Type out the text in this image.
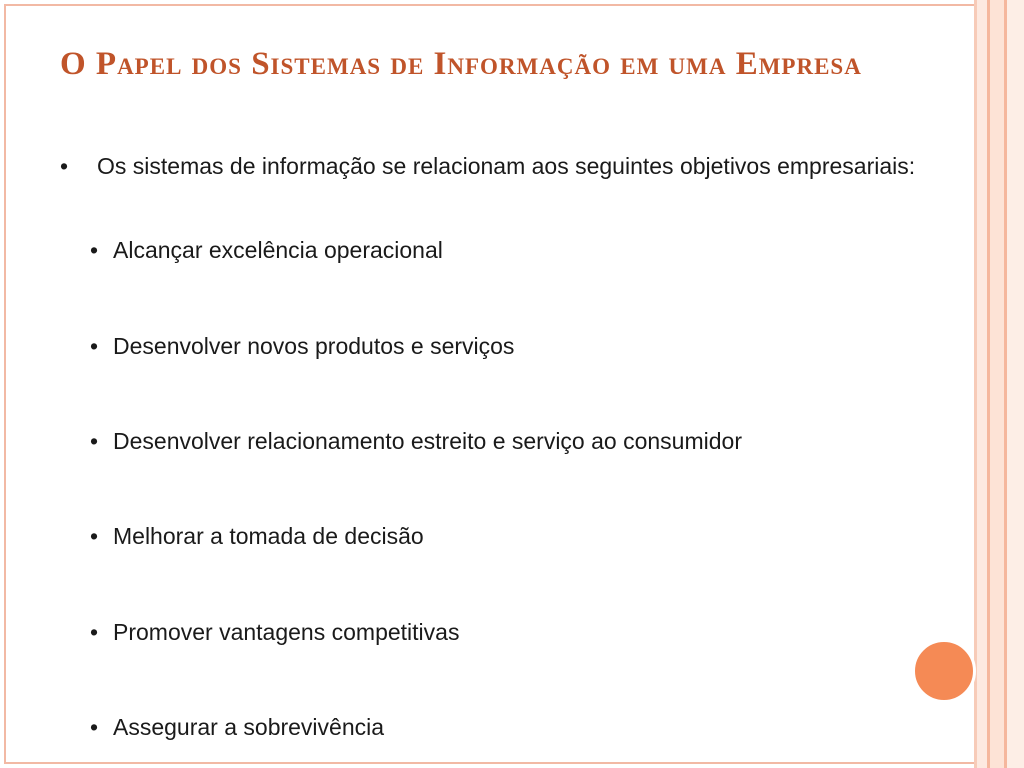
O Papel dos Sistemas de Informação em uma Empresa
• Os sistemas de informação se relacionam aos seguintes objetivos empresariais:
• Alcançar excelência operacional
• Desenvolver novos produtos e serviços
• Desenvolver relacionamento estreito e serviço ao consumidor
• Melhorar a tomada de decisão
• Promover vantagens competitivas
• Assegurar a sobrevivência
